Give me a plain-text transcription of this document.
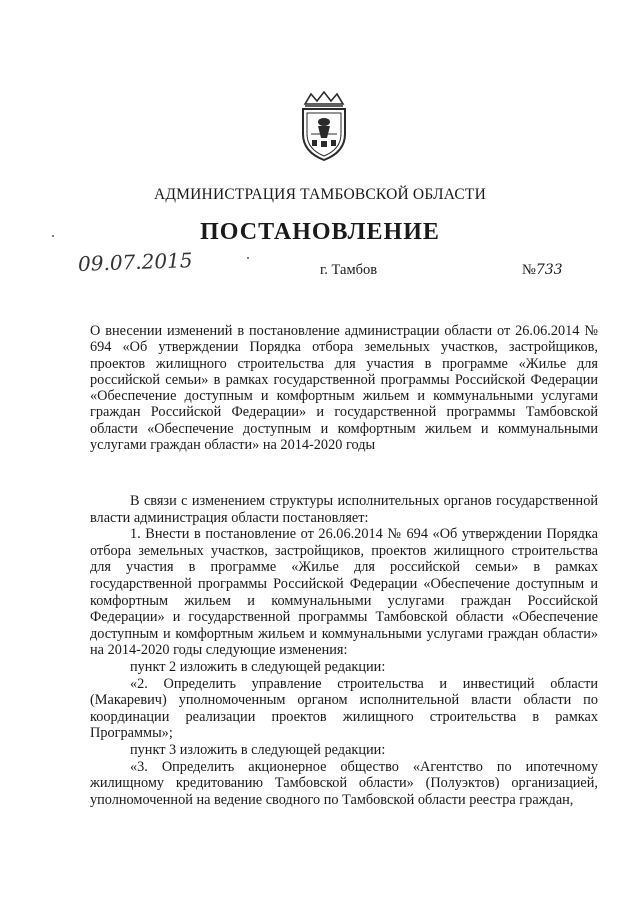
АДМИНИСТРАЦИЯ ТАМБОВСКОЙ ОБЛАСТИ
ПОСТАНОВЛЕНИЕ
09.07.2015	г. Тамбов	№733
О внесении изменений в постановление администрации области от 26.06.2014 № 694 «Об утверждении Порядка отбора земельных участков, застройщиков, проектов жилищного строительства для участия в программе «Жилье для российской семьи» в рамках государственной программы Российской Федерации «Обеспечение доступным и комфортным жильем и коммунальными услугами граждан Российской Федерации» и государственной программы Тамбовской области «Обеспечение доступным и комфортным жильем и коммунальными услугами граждан области» на 2014-2020 годы

В связи с изменением структуры исполнительных органов государственной власти администрация области постановляет:

1. Внести в постановление от 26.06.2014 № 694 «Об утверждении Порядка отбора земельных участков, застройщиков, проектов жилищного строительства для участия в программе «Жилье для российской семьи» в рамках государственной программы Российской Федерации «Обеспечение доступным и комфортным жильем и коммунальными услугами граждан Российской Федерации» и государственной программы Тамбовской области «Обеспечение доступным и комфортным жильем и коммунальными услугами граждан области» на 2014-2020 годы следующие изменения:

пункт 2 изложить в следующей редакции:

«2. Определить управление строительства и инвестиций области (Макаревич) уполномоченным органом исполнительной власти области по координации реализации проектов жилищного строительства в рамках Программы»;

пункт 3 изложить в следующей редакции:

«3. Определить акционерное общество «Агентство по ипотечному жилищному кредитованию Тамбовской области» (Полуэктов) организацией, уполномоченной на ведение сводного по Тамбовской области реестра граждан,
